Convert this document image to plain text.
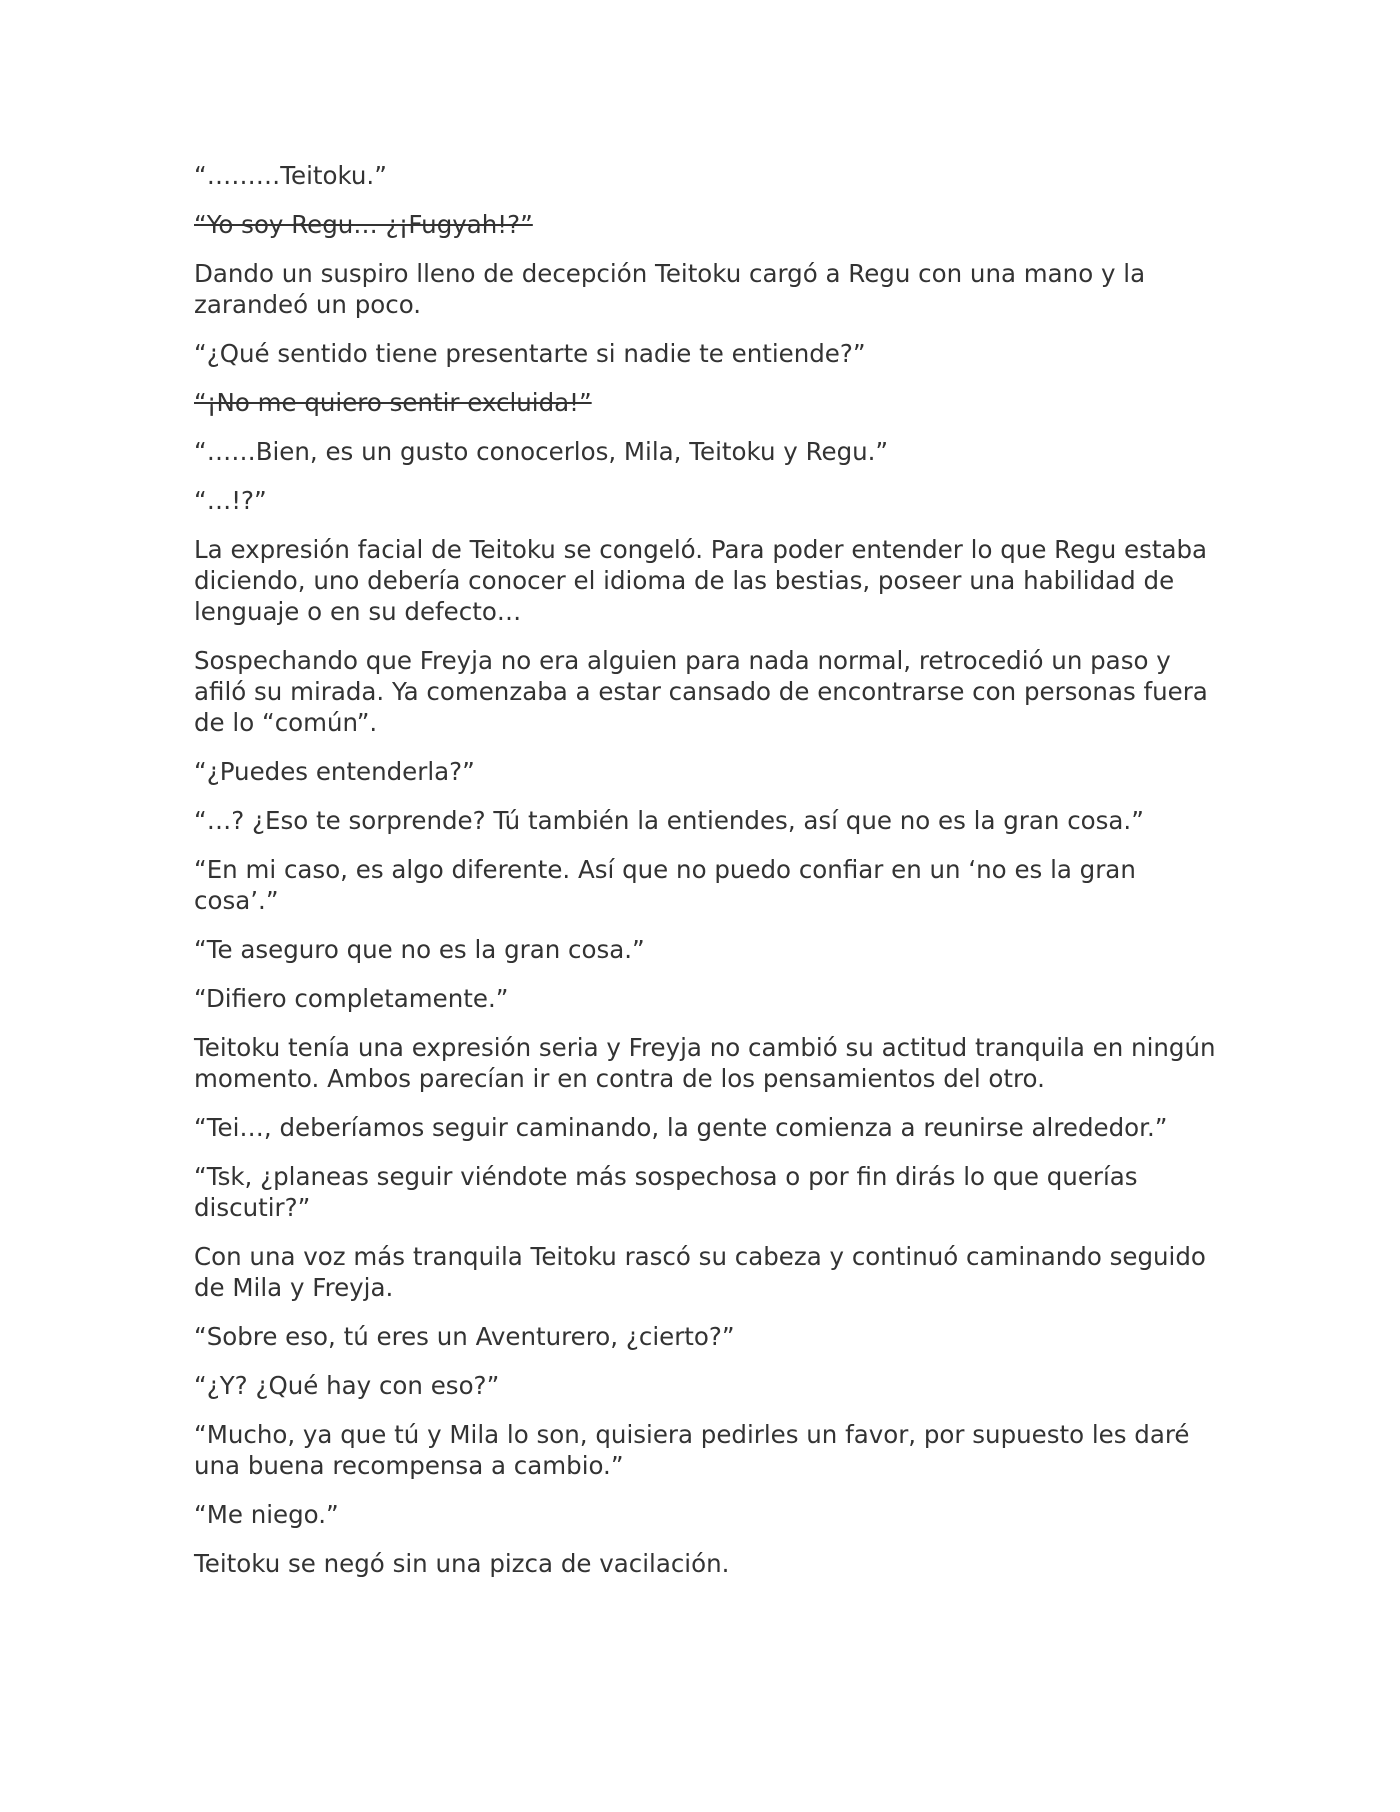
“………Teitoku.”

“Yo soy Regu… ¿¡Fugyah!?”

Dando un suspiro lleno de decepción Teitoku cargó a Regu con una mano y la zarandeó un poco.

“¿Qué sentido tiene presentarte si nadie te entiende?”

“¡No me quiero sentir excluida!”

“……Bien, es un gusto conocerlos, Mila, Teitoku y Regu.”

“…!?”

La expresión facial de Teitoku se congeló. Para poder entender lo que Regu estaba diciendo, uno debería conocer el idioma de las bestias, poseer una habilidad de lenguaje o en su defecto…

Sospechando que Freyja no era alguien para nada normal, retrocedió un paso y afiló su mirada. Ya comenzaba a estar cansado de encontrarse con personas fuera de lo “común”.

“¿Puedes entenderla?”

“…? ¿Eso te sorprende? Tú también la entiendes, así que no es la gran cosa.”

“En mi caso, es algo diferente. Así que no puedo confiar en un ‘no es la gran cosa’.”

“Te aseguro que no es la gran cosa.”

“Difiero completamente.”

Teitoku tenía una expresión seria y Freyja no cambió su actitud tranquila en ningún momento. Ambos parecían ir en contra de los pensamientos del otro.

“Tei…, deberíamos seguir caminando, la gente comienza a reunirse alrededor.”

“Tsk, ¿planeas seguir viéndote más sospechosa o por fin dirás lo que querías discutir?”

Con una voz más tranquila Teitoku rascó su cabeza y continuó caminando seguido de Mila y Freyja.

“Sobre eso, tú eres un Aventurero, ¿cierto?”

“¿Y? ¿Qué hay con eso?”

“Mucho, ya que tú y Mila lo son, quisiera pedirles un favor, por supuesto les daré una buena recompensa a cambio.”

“Me niego.”

Teitoku se negó sin una pizca de vacilación.
